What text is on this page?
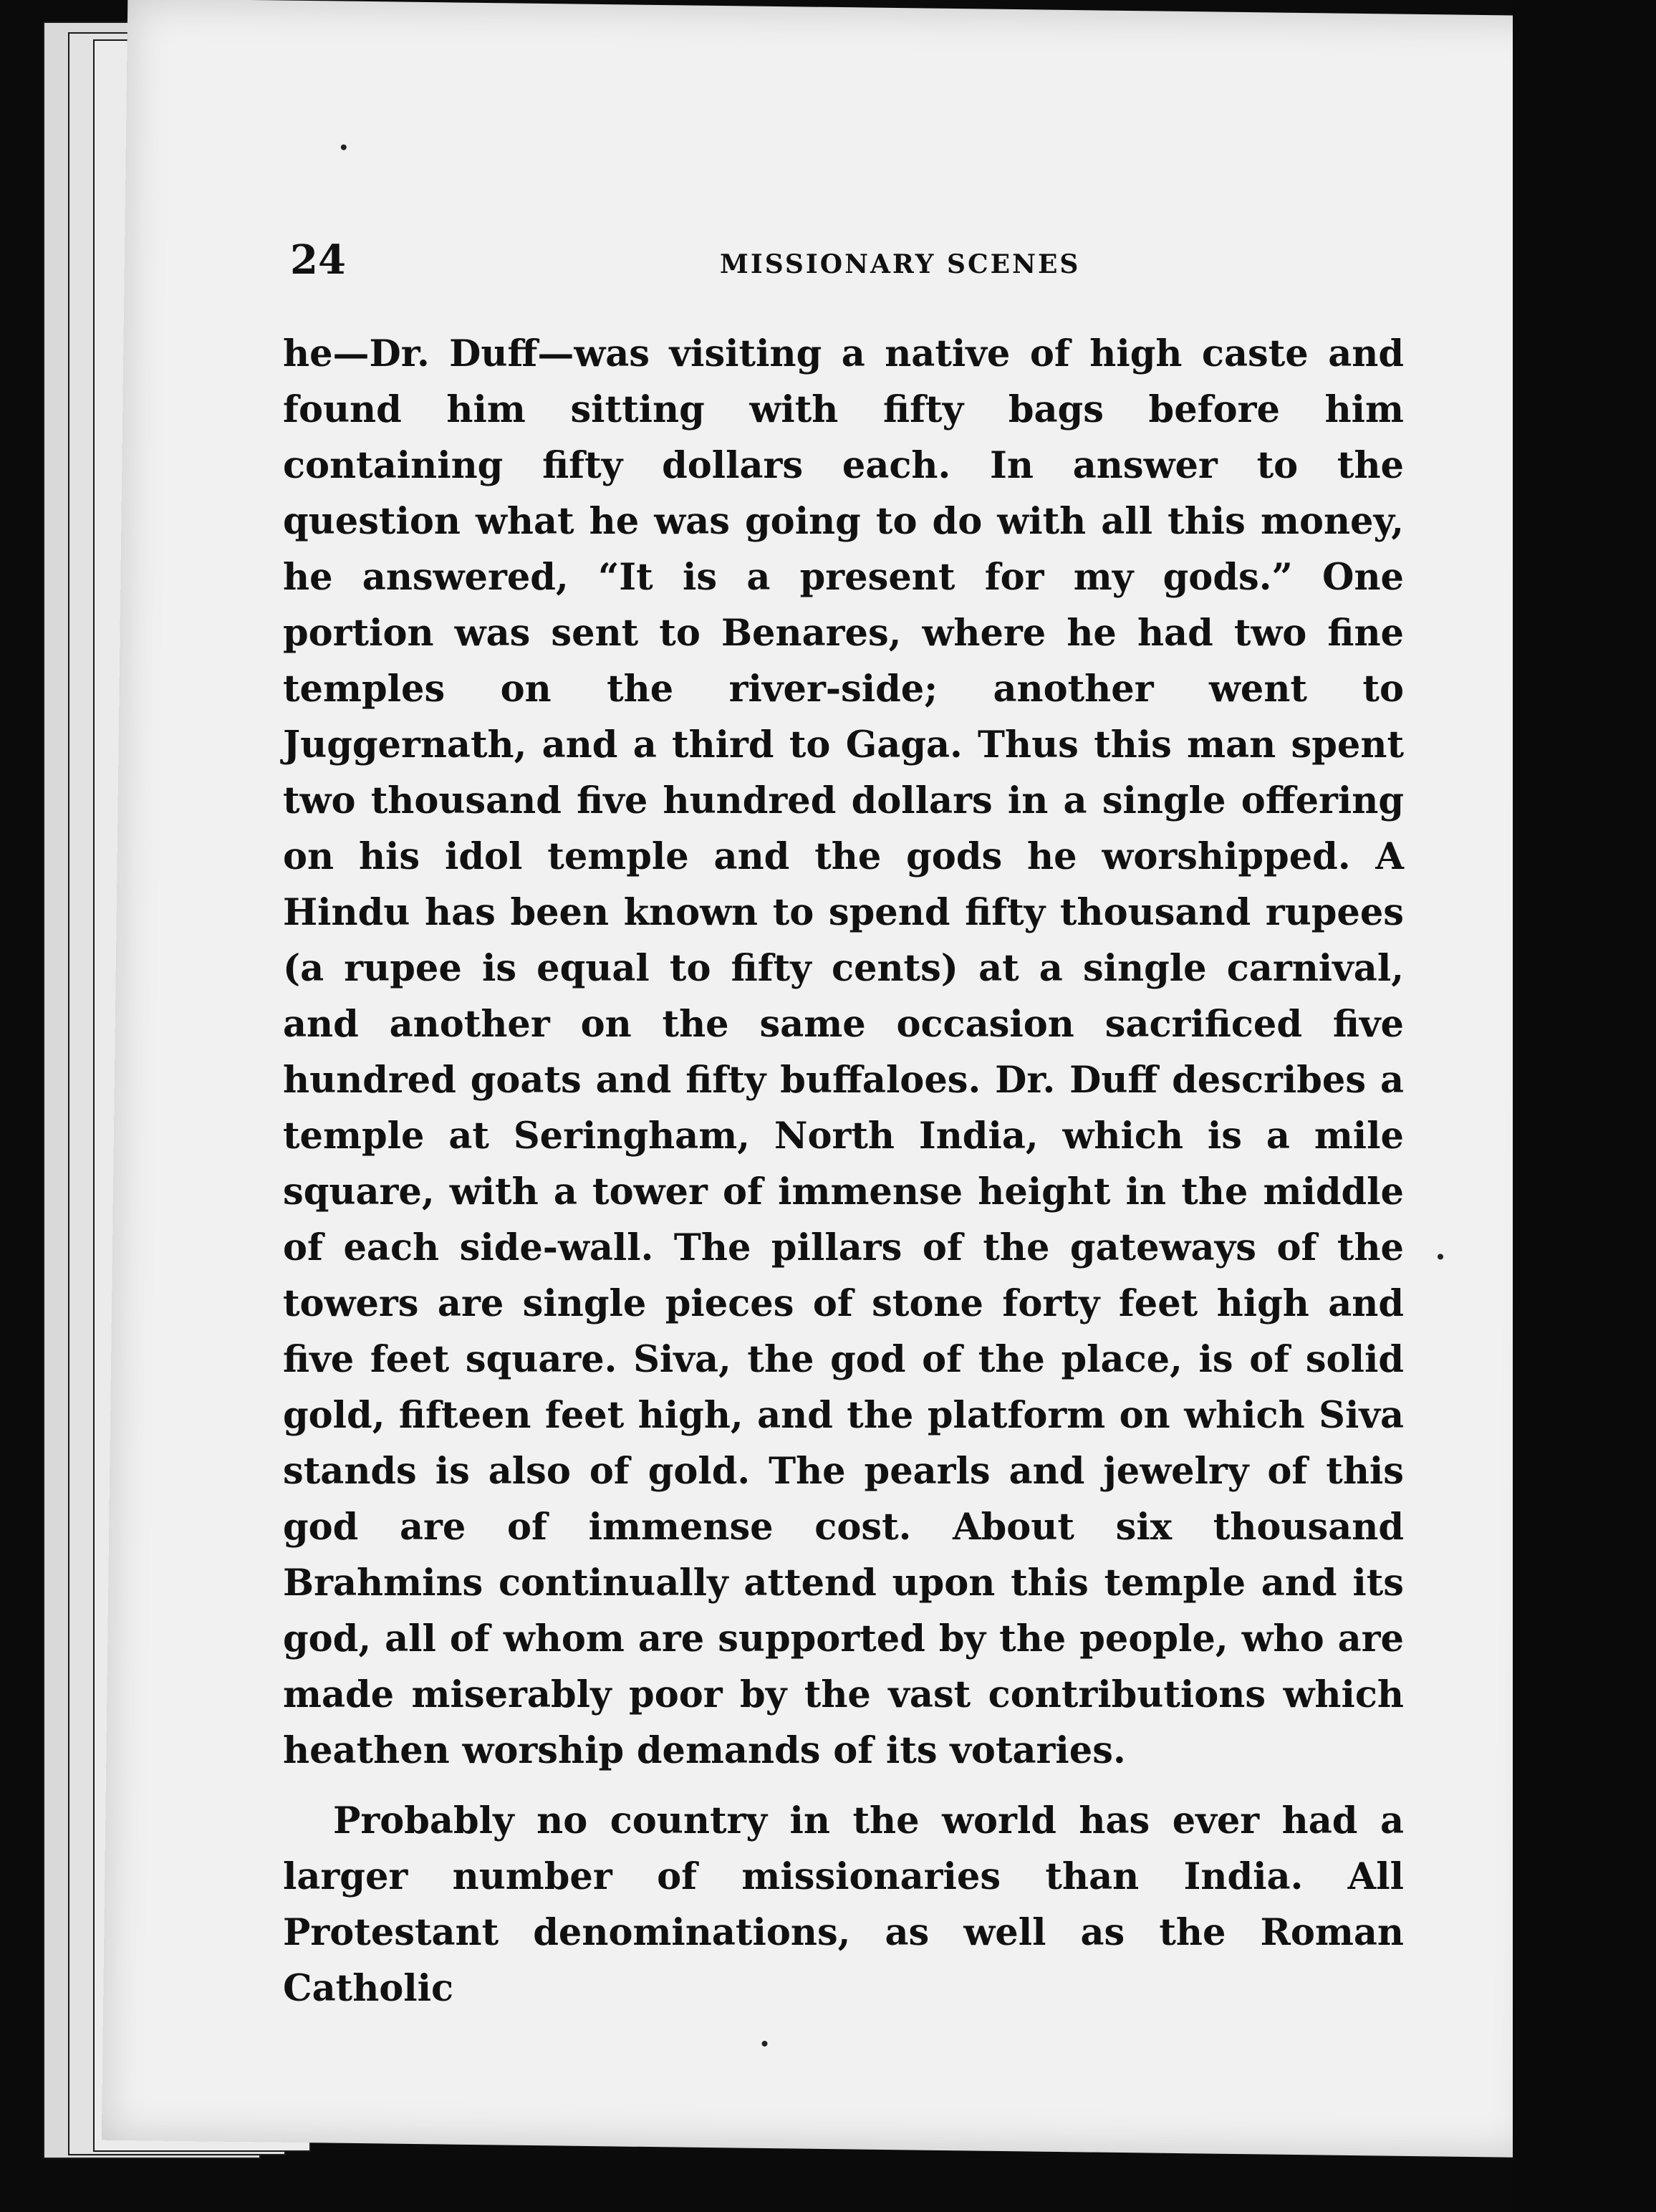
24	MISSIONARY SCENES

he—Dr. Duff—was visiting a native of high caste and found him sitting with fifty bags before him containing fifty dollars each. In answer to the question what he was going to do with all this money, he answered, “It is a present for my gods.” One portion was sent to Benares, where he had two fine temples on the river-side; another went to Juggernath, and a third to Gaga. Thus this man spent two thousand five hundred dollars in a single offering on his idol temple and the gods he worshipped. A Hindu has been known to spend fifty thousand rupees (a rupee is equal to fifty cents) at a single carnival, and another on the same occasion sacrificed five hundred goats and fifty buffaloes. Dr. Duff describes a temple at Seringham, North India, which is a mile square, with a tower of immense height in the middle of each side-wall. The pillars of the gateways of the towers are single pieces of stone forty feet high and five feet square. Siva, the god of the place, is of solid gold, fifteen feet high, and the platform on which Siva stands is also of gold. The pearls and jewelry of this god are of immense cost. About six thousand Brahmins continually attend upon this temple and its god, all of whom are supported by the people, who are made miserably poor by the vast contributions which heathen worship demands of its votaries.

Probably no country in the world has ever had a larger number of missionaries than India. All Protestant denominations, as well as the Roman Catholic
